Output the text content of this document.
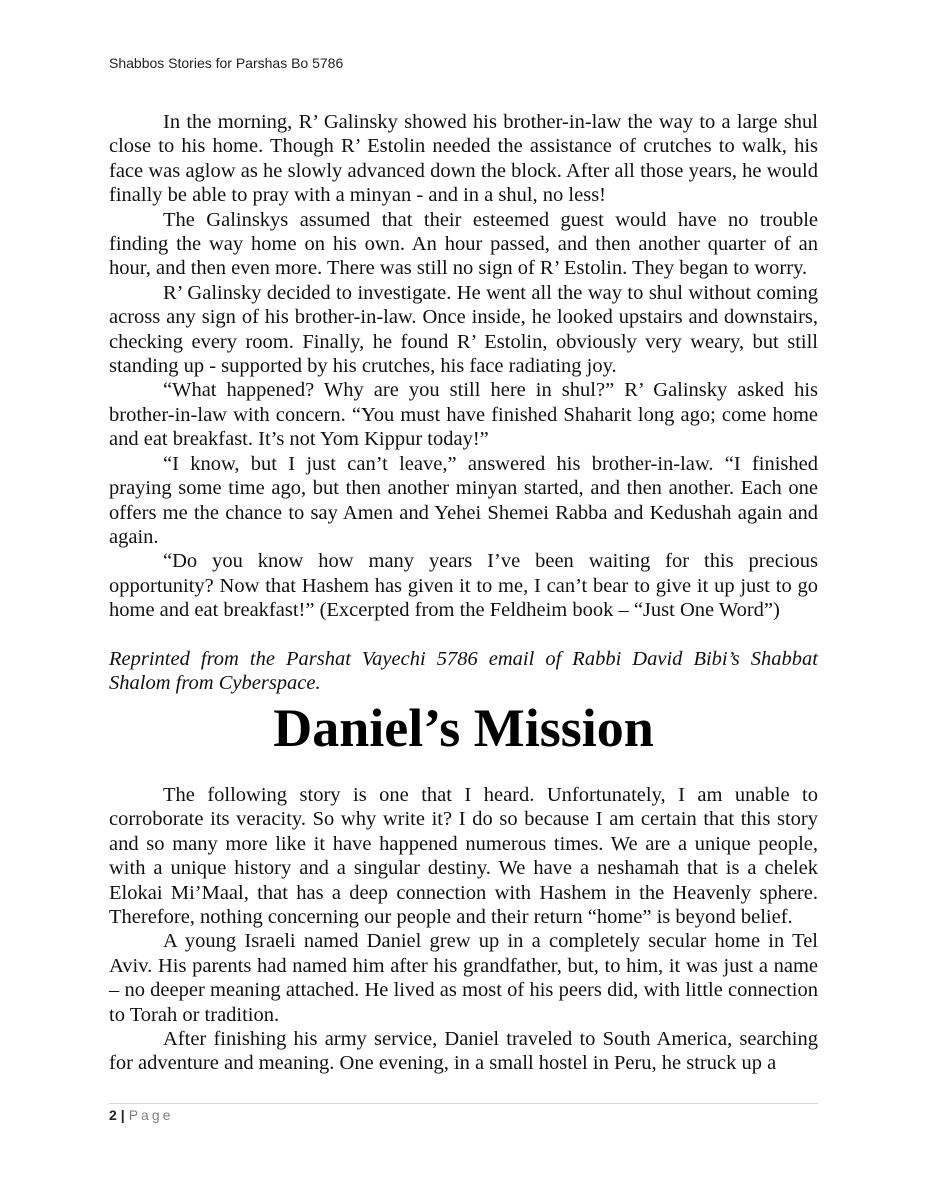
Shabbos Stories for Parshas Bo 5786

In the morning, R’ Galinsky showed his brother-in-law the way to a large shul close to his home. Though R’ Estolin needed the assistance of crutches to walk, his face was aglow as he slowly advanced down the block. After all those years, he would finally be able to pray with a minyan - and in a shul, no less!

The Galinskys assumed that their esteemed guest would have no trouble finding the way home on his own. An hour passed, and then another quarter of an hour, and then even more. There was still no sign of R’ Estolin. They began to worry.

R’ Galinsky decided to investigate. He went all the way to shul without coming across any sign of his brother-in-law. Once inside, he looked upstairs and downstairs, checking every room. Finally, he found R’ Estolin, obviously very weary, but still standing up - supported by his crutches, his face radiating joy.

“What happened? Why are you still here in shul?” R’ Galinsky asked his brother-in-law with concern. “You must have finished Shaharit long ago; come home and eat breakfast. It’s not Yom Kippur today!”

“I know, but I just can’t leave,” answered his brother-in-law. “I finished praying some time ago, but then another minyan started, and then another. Each one offers me the chance to say Amen and Yehei Shemei Rabba and Kedushah again and again.

“Do you know how many years I’ve been waiting for this precious opportunity? Now that Hashem has given it to me, I can’t bear to give it up just to go home and eat breakfast!” (Excerpted from the Feldheim book – “Just One Word”)

Reprinted from the Parshat Vayechi 5786 email of Rabbi David Bibi’s Shabbat Shalom from Cyberspace.

Daniel’s Mission

The following story is one that I heard. Unfortunately, I am unable to corroborate its veracity. So why write it? I do so because I am certain that this story and so many more like it have happened numerous times. We are a unique people, with a unique history and a singular destiny. We have a neshamah that is a chelek Elokai Mi’Maal, that has a deep connection with Hashem in the Heavenly sphere. Therefore, nothing concerning our people and their return “home” is beyond belief.

A young Israeli named Daniel grew up in a completely secular home in Tel Aviv. His parents had named him after his grandfather, but, to him, it was just a name – no deeper meaning attached. He lived as most of his peers did, with little connection to Torah or tradition.

After finishing his army service, Daniel traveled to South America, searching for adventure and meaning. One evening, in a small hostel in Peru, he struck up a

2 | Page
